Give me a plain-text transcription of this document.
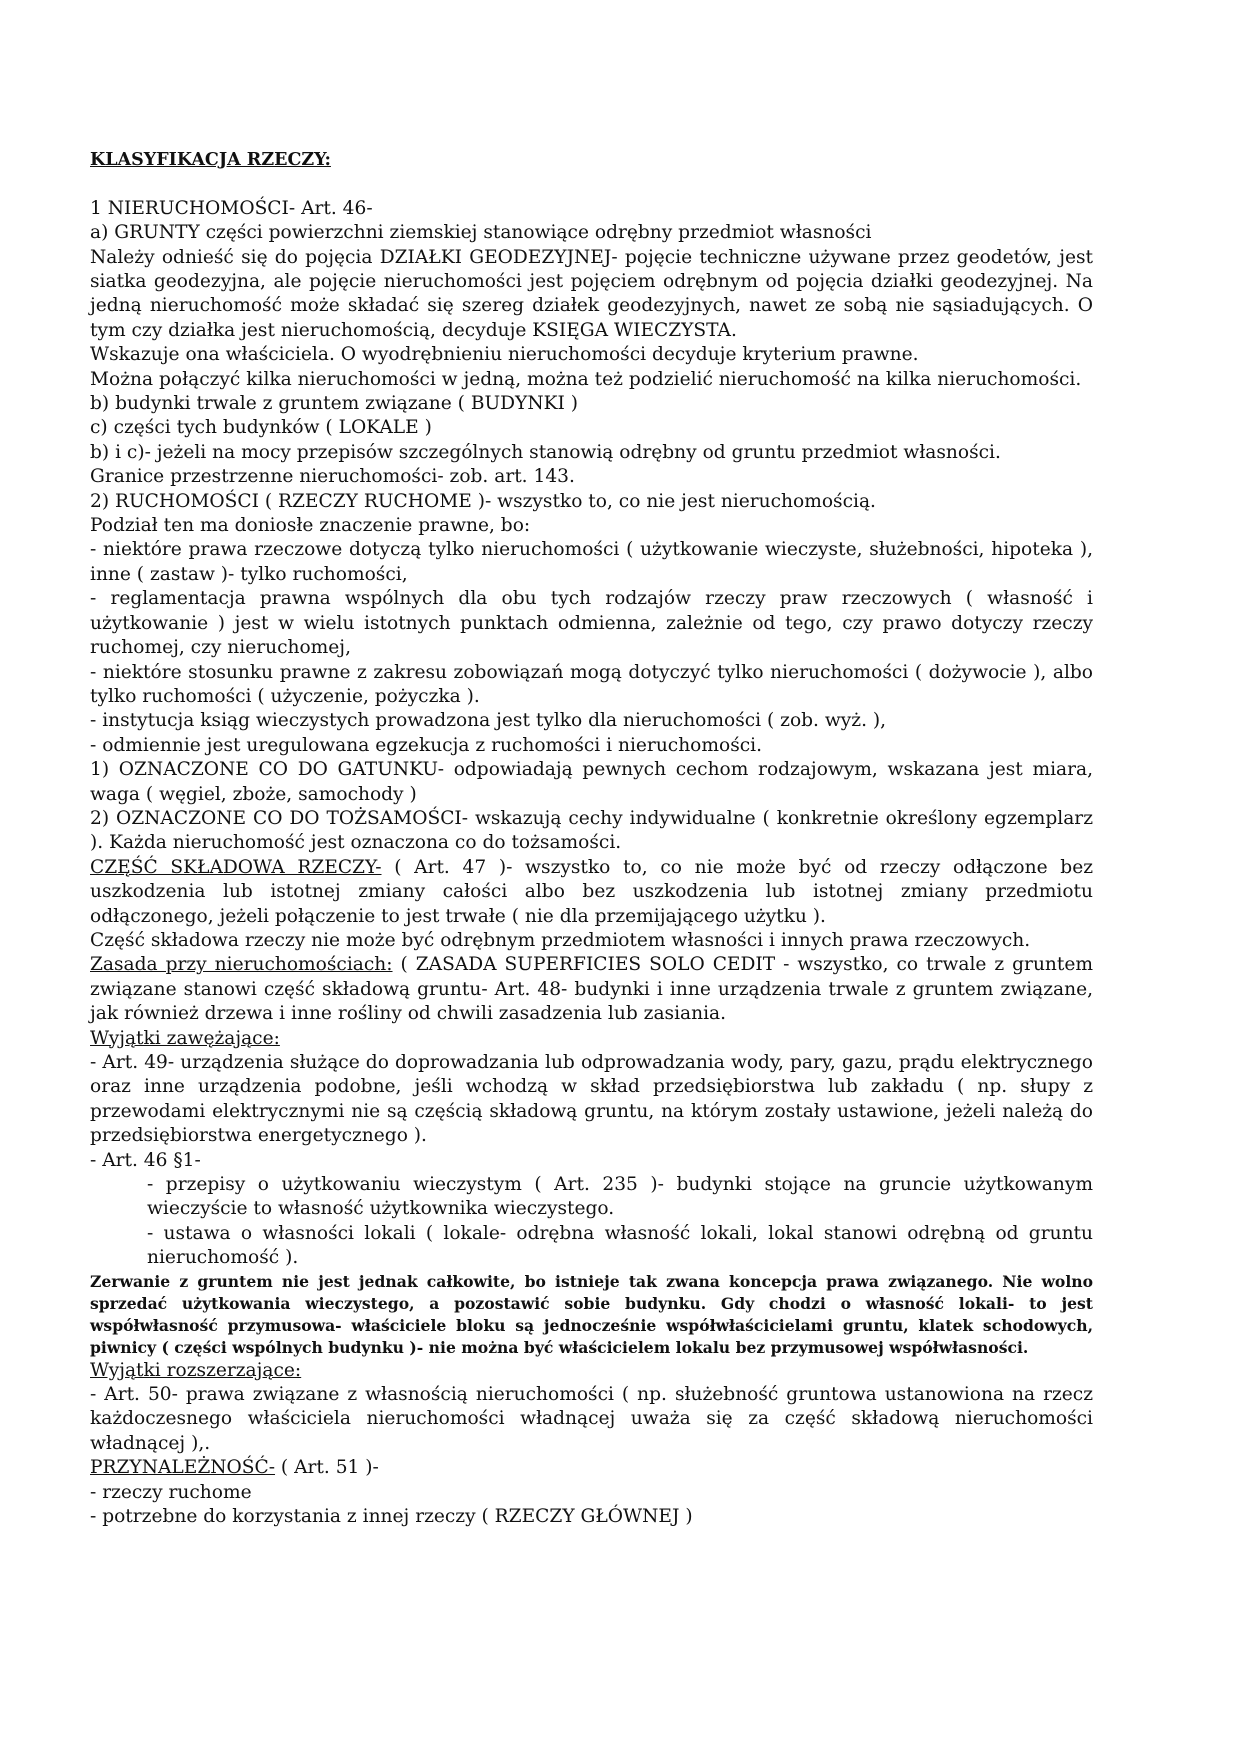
KLASYFIKACJA RZECZY:

1 NIERUCHOMOŚCI- Art. 46-

a) GRUNTY części powierzchni ziemskiej stanowiące odrębny przedmiot własności

Należy odnieść się do pojęcia DZIAŁKI GEODEZYJNEJ- pojęcie techniczne używane przez geodetów, jest siatka geodezyjna, ale pojęcie nieruchomości jest pojęciem odrębnym od pojęcia działki geodezyjnej. Na jedną nieruchomość może składać się szereg działek geodezyjnych, nawet ze sobą nie sąsiadujących. O tym czy działka jest nieruchomością, decyduje KSIĘGA WIECZYSTA.

Wskazuje ona właściciela. O wyodrębnieniu nieruchomości decyduje kryterium prawne.

Można połączyć kilka nieruchomości w jedną, można też podzielić nieruchomość na kilka nieruchomości.

b) budynki trwale z gruntem związane ( BUDYNKI )

c) części tych budynków ( LOKALE )

b) i c)- jeżeli na mocy przepisów szczególnych stanowią odrębny od gruntu przedmiot własności.

Granice przestrzenne nieruchomości- zob. art. 143.

2) RUCHOMOŚCI ( RZECZY RUCHOME )- wszystko to, co nie jest nieruchomością.

Podział ten ma doniosłe znaczenie prawne, bo:

- niektóre prawa rzeczowe dotyczą tylko nieruchomości ( użytkowanie wieczyste, służebności, hipoteka ), inne ( zastaw )- tylko ruchomości,

- reglamentacja prawna wspólnych dla obu tych rodzajów rzeczy praw rzeczowych ( własność i użytkowanie ) jest w wielu istotnych punktach odmienna, zależnie od tego, czy prawo dotyczy rzeczy ruchomej, czy nieruchomej,

- niektóre stosunku prawne z zakresu zobowiązań mogą dotyczyć tylko nieruchomości ( dożywocie ), albo tylko ruchomości ( użyczenie, pożyczka ).

- instytucja ksiąg wieczystych prowadzona jest tylko dla nieruchomości ( zob. wyż. ),

- odmiennie jest uregulowana egzekucja z ruchomości i nieruchomości.

1) OZNACZONE CO DO GATUNKU- odpowiadają pewnych cechom rodzajowym, wskazana jest miara, waga ( węgiel, zboże, samochody )

2) OZNACZONE CO DO TOŻSAMOŚCI- wskazują cechy indywidualne ( konkretnie określony egzemplarz ). Każda nieruchomość jest oznaczona co do tożsamości.

CZĘŚĆ SKŁADOWA RZECZY- ( Art. 47 )- wszystko to, co nie może być od rzeczy odłączone bez uszkodzenia lub istotnej zmiany całości albo bez uszkodzenia lub istotnej zmiany przedmiotu odłączonego, jeżeli połączenie to jest trwałe ( nie dla przemijającego użytku ).

Część składowa rzeczy nie może być odrębnym przedmiotem własności i innych prawa rzeczowych.

Zasada przy nieruchomościach: ( ZASADA SUPERFICIES SOLO CEDIT - wszystko, co trwale z gruntem związane stanowi część składową gruntu- Art. 48- budynki i inne urządzenia trwale z gruntem związane, jak również drzewa i inne rośliny od chwili zasadzenia lub zasiania.

Wyjątki zawężające:

- Art. 49- urządzenia służące do doprowadzania lub odprowadzania wody, pary, gazu, prądu elektrycznego oraz inne urządzenia podobne, jeśli wchodzą w skład przedsiębiorstwa lub zakładu ( np. słupy z przewodami elektrycznymi nie są częścią składową gruntu, na którym zostały ustawione, jeżeli należą do przedsiębiorstwa energetycznego ).

- Art. 46 §1-

- przepisy o użytkowaniu wieczystym ( Art. 235 )- budynki stojące na gruncie użytkowanym wieczyście to własność użytkownika wieczystego.

- ustawa o własności lokali ( lokale- odrębna własność lokali, lokal stanowi odrębną od gruntu nieruchomość ).

Zerwanie z gruntem nie jest jednak całkowite, bo istnieje tak zwana koncepcja prawa związanego. Nie wolno sprzedać użytkowania wieczystego, a pozostawić sobie budynku. Gdy chodzi o własność lokali- to jest współwłasność przymusowa- właściciele bloku są jednocześnie współwłaścicielami gruntu, klatek schodowych, piwnicy ( części wspólnych budynku )- nie można być właścicielem lokalu bez przymusowej współwłasności.

Wyjątki rozszerzające:

- Art. 50- prawa związane z własnością nieruchomości ( np. służebność gruntowa ustanowiona na rzecz każdoczesnego właściciela nieruchomości władnącej uważa się za część składową nieruchomości władnącej ),.

PRZYNALEŻNOŚĆ- ( Art. 51 )-

- rzeczy ruchome

- potrzebne do korzystania z innej rzeczy ( RZECZY GŁÓWNEJ )
